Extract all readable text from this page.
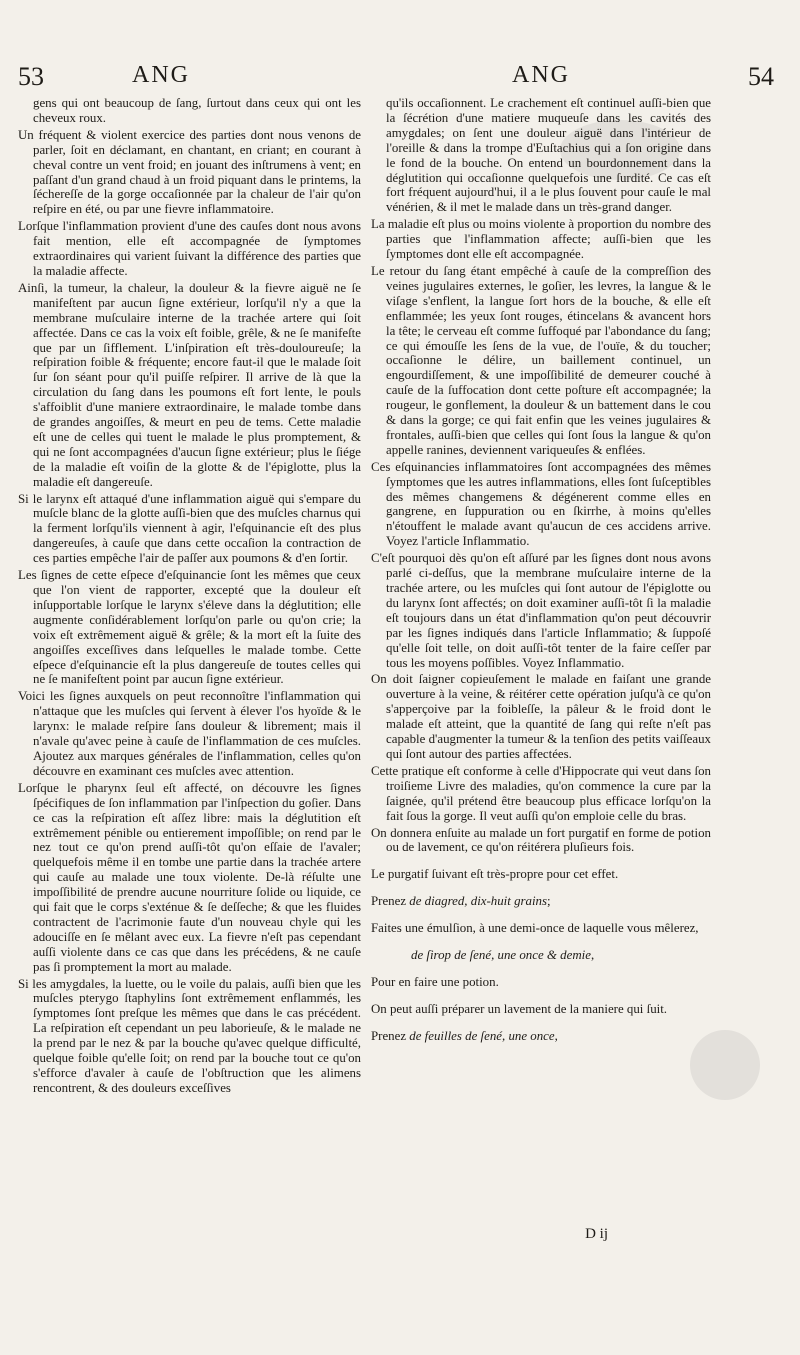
53	ANG	ANG	54

gens qui ont beaucoup de ſang, ſurtout dans ceux qui ont les cheveux roux.

Un fréquent & violent exercice des parties dont nous venons de parler, ſoit en déclamant, en chantant, en criant; en courant à cheval contre un vent froid; en jouant des inſtrumens à vent; en paſſant d'un grand chaud à un froid piquant dans le printems, la ſéchereſſe de la gorge occaſionnée par la chaleur de l'air qu'on reſpire en été, ou par une fievre inflammatoire.

Lorſque l'inflammation provient d'une des cauſes dont nous avons fait mention, elle eſt accompagnée de ſymptomes extraordinaires qui varient ſuivant la différence des parties que la maladie affecte.

Ainſi, la tumeur, la chaleur, la douleur & la fievre aiguë ne ſe manifeſtent par aucun ſigne extérieur, lorſqu'il n'y a que la membrane muſculaire interne de la trachée artere qui ſoit affectée. Dans ce cas la voix eſt foible, grêle, & ne ſe manifeſte que par un ſifflement. L'inſpiration eſt très-douloureuſe; la reſpiration foible & fréquente; encore faut-il que le malade ſoit ſur ſon séant pour qu'il puiſſe reſpirer. Il arrive de là que la circulation du ſang dans les poumons eſt fort lente, le pouls s'affoiblit d'une maniere extraordinaire, le malade tombe dans de grandes angoiſſes, & meurt en peu de tems. Cette maladie eſt une de celles qui tuent le malade le plus promptement, & qui ne ſont accompagnées d'aucun ſigne extérieur; plus le ſiége de la maladie eſt voiſin de la glotte & de l'épiglotte, plus la maladie eſt dangereuſe.

Si le larynx eſt attaqué d'une inflammation aiguë qui s'empare du muſcle blanc de la glotte auſſi-bien que des muſcles charnus qui la ferment lorſqu'ils viennent à agir, l'eſquinancie eſt des plus dangereuſes, à cauſe que dans cette occaſion la contraction de ces parties empêche l'air de paſſer aux poumons & d'en ſortir.

Les ſignes de cette eſpece d'eſquinancie ſont les mêmes que ceux que l'on vient de rapporter, excepté que la douleur eſt inſupportable lorſque le larynx s'éleve dans la déglutition; elle augmente conſidérablement lorſqu'on parle ou qu'on crie; la voix eſt extrêmement aiguë & grêle; & la mort eſt la ſuite des angoiſſes exceſſives dans leſquelles le malade tombe. Cette eſpece d'eſquinancie eſt la plus dangereuſe de toutes celles qui ne ſe manifeſtent point par aucun ſigne extérieur.

Voici les ſignes auxquels on peut reconnoître l'inflammation qui n'attaque que les muſcles qui ſervent à élever l'os hyoïde & le larynx: le malade reſpire ſans douleur & librement; mais il n'avale qu'avec peine à cauſe de l'inflammation de ces muſcles. Ajoutez aux marques générales de l'inflammation, celles qu'on découvre en examinant ces muſcles avec attention.

Lorſque le pharynx ſeul eſt affecté, on découvre les ſignes ſpécifiques de ſon inflammation par l'inſpection du goſier. Dans ce cas la reſpiration eſt aſſez libre: mais la déglutition eſt extrêmement pénible ou entierement impoſſible; on rend par le nez tout ce qu'on prend auſſi-tôt qu'on eſſaie de l'avaler; quelquefois même il en tombe une partie dans la trachée artere qui cauſe au malade une toux violente. De-là réſulte une impoſſibilité de prendre aucune nourriture ſolide ou liquide, ce qui fait que le corps s'exténue & ſe deſſeche; & que les fluides contractent de l'acrimonie faute d'un nouveau chyle qui les adouciſſe en ſe mêlant avec eux. La fievre n'eſt pas cependant auſſi violente dans ce cas que dans les précédens, & ne cauſe pas ſi promptement la mort au malade.

Si les amygdales, la luette, ou le voile du palais, auſſi bien que les muſcles pterygo ſtaphylins ſont extrêmement enflammés, les ſymptomes ſont preſque les mêmes que dans le cas précédent. La reſpiration eſt cependant un peu laborieuſe, & le malade ne la prend par le nez & par la bouche qu'avec quelque difficulté, quelque foible qu'elle ſoit; on rend par la bouche tout ce qu'on s'efforce d'avaler à cauſe de l'obſtruction que les alimens rencontrent, & des douleurs exceſſives

qu'ils occaſionnent. Le crachement eſt continuel auſſi-bien que la ſécrétion d'une matiere muqueuſe dans les cavités des amygdales; on ſent une douleur aiguë dans l'intérieur de l'oreille & dans la trompe d'Euſtachius qui a ſon origine dans le fond de la bouche. On entend un bourdonnement dans la déglutition qui occaſionne quelquefois une ſurdité. Ce cas eſt fort fréquent aujourd'hui, il a le plus ſouvent pour cauſe le mal vénérien, & il met le malade dans un très-grand danger.

La maladie eſt plus ou moins violente à proportion du nombre des parties que l'inflammation affecte; auſſi-bien que les ſymptomes dont elle eſt accompagnée.

Le retour du ſang étant empêché à cauſe de la compreſſion des veines jugulaires externes, le goſier, les levres, la langue & le viſage s'enflent, la langue ſort hors de la bouche, & elle eſt enflammée; les yeux ſont rouges, étincelans & avancent hors la tête; le cerveau eſt comme ſuffoqué par l'abondance du ſang; ce qui émouſſe les ſens de la vue, de l'ouïe, & du toucher; occaſionne le délire, un baillement continuel, un engourdiſſement, & une impoſſibilité de demeurer couché à cauſe de la ſuffocation dont cette poſture eſt accompagnée; la rougeur, le gonflement, la douleur & un battement dans le cou & dans la gorge; ce qui fait enfin que les veines jugulaires & frontales, auſſi-bien que celles qui ſont ſous la langue & qu'on appelle ranines, deviennent variqueuſes & enflées.

Ces eſquinancies inflammatoires ſont accompagnées des mêmes ſymptomes que les autres inflammations, elles ſont ſuſceptibles des mêmes changemens & dégénerent comme elles en gangrene, en ſuppuration ou en ſkirrhe, à moins qu'elles n'étouffent le malade avant qu'aucun de ces accidens arrive. Voyez l'article Inflammatio.

C'eſt pourquoi dès qu'on eſt aſſuré par les ſignes dont nous avons parlé ci-deſſus, que la membrane muſculaire interne de la trachée artere, ou les muſcles qui ſont autour de l'épiglotte ou du larynx ſont affectés; on doit examiner auſſi-tôt ſi la maladie eſt toujours dans un état d'inflammation qu'on peut découvrir par les ſignes indiqués dans l'article Inflammatio; & ſuppoſé qu'elle ſoit telle, on doit auſſi-tôt tenter de la faire ceſſer par tous les moyens poſſibles. Voyez Inflammatio.

On doit ſaigner copieuſement le malade en faiſant une grande ouverture à la veine, & réitérer cette opération juſqu'à ce qu'on s'apperçoive par la foibleſſe, la pâleur & le froid dont le malade eſt atteint, que la quantité de ſang qui reſte n'eſt pas capable d'augmenter la tumeur & la tenſion des petits vaiſſeaux qui ſont autour des parties affectées.

Cette pratique eſt conforme à celle d'Hippocrate qui veut dans ſon troiſieme Livre des maladies, qu'on commence la cure par la ſaignée, qu'il prétend être beaucoup plus efficace lorſqu'on la fait ſous la gorge. Il veut auſſi qu'on emploie celle du bras.

On donnera enſuite au malade un fort purgatif en forme de potion ou de lavement, ce qu'on réitérera pluſieurs fois.

Le purgatif ſuivant eſt très-propre pour cet effet.

Prenez de diagred, dix-huit grains;

Faites une émulſion, à une demi-once de laquelle vous mêlerez,

de ſirop de ſené, une once & demie,

Pour en faire une potion.

On peut auſſi préparer un lavement de la maniere qui ſuit.

Prenez de feuilles de ſené, une once,

D ij
